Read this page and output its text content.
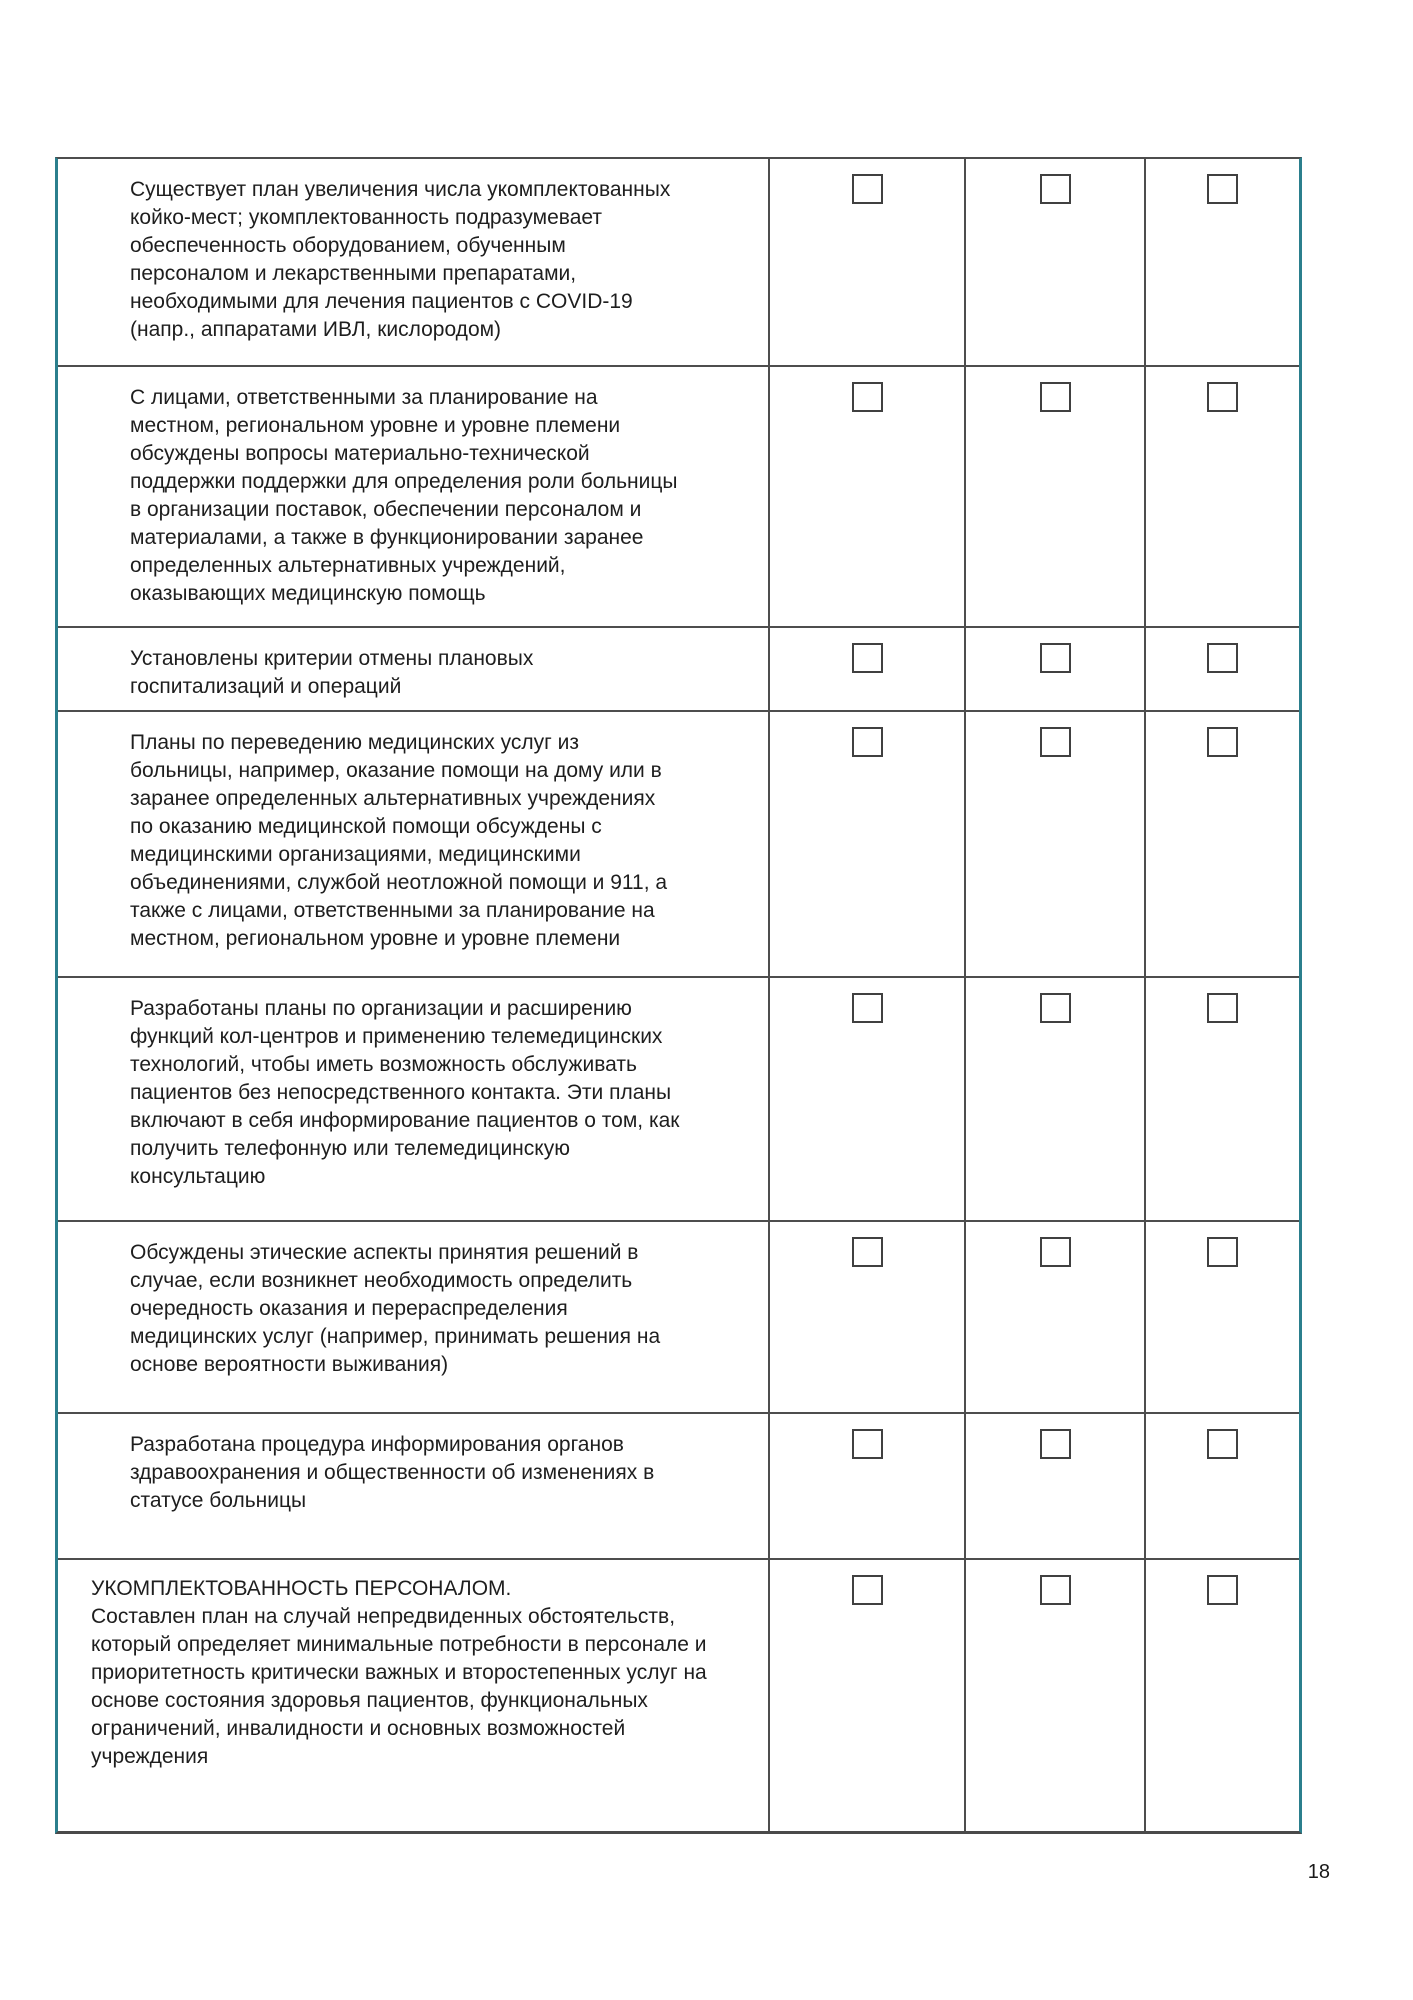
Существует план увеличения числа укомплектованных койко-мест; укомплектованность подразумевает обеспеченность оборудованием, обученным персоналом и лекарственными препаратами, необходимыми для лечения пациентов с COVID-19 (напр., аппаратами ИВЛ, кислородом)

С лицами, ответственными за планирование на местном, региональном уровне и уровне племени обсуждены вопросы материально-технической поддержки поддержки для определения роли больницы в организации поставок, обеспечении персоналом и материалами, а также в функционировании заранее определенных альтернативных учреждений, оказывающих медицинскую помощь

Установлены критерии отмены плановых госпитализаций и операций

Планы по переведению медицинских услуг из больницы, например, оказание помощи на дому или в заранее определенных альтернативных учреждениях по оказанию медицинской помощи обсуждены с медицинскими организациями, медицинскими объединениями, службой неотложной помощи и 911, а также с лицами, ответственными за планирование на местном, региональном уровне и уровне племени

Разработаны планы по организации и расширению функций кол-центров и применению телемедицинских технологий, чтобы иметь возможность обслуживать пациентов без непосредственного контакта. Эти планы включают в себя информирование пациентов о том, как получить телефонную или телемедицинскую консультацию

Обсуждены этические аспекты принятия решений в случае, если возникнет необходимость определить очередность оказания и перераспределения медицинских услуг (например, принимать решения на основе вероятности выживания)

Разработана процедура информирования органов здравоохранения и общественности об изменениях в статусе больницы

УКОМПЛЕКТОВАННОСТЬ ПЕРСОНАЛОМ.

Составлен план на случай непредвиденных обстоятельств, который определяет минимальные потребности в персонале и приоритетность критически важных и второстепенных услуг на основе состояния здоровья пациентов, функциональных ограничений, инвалидности и основных возможностей учреждения

18
